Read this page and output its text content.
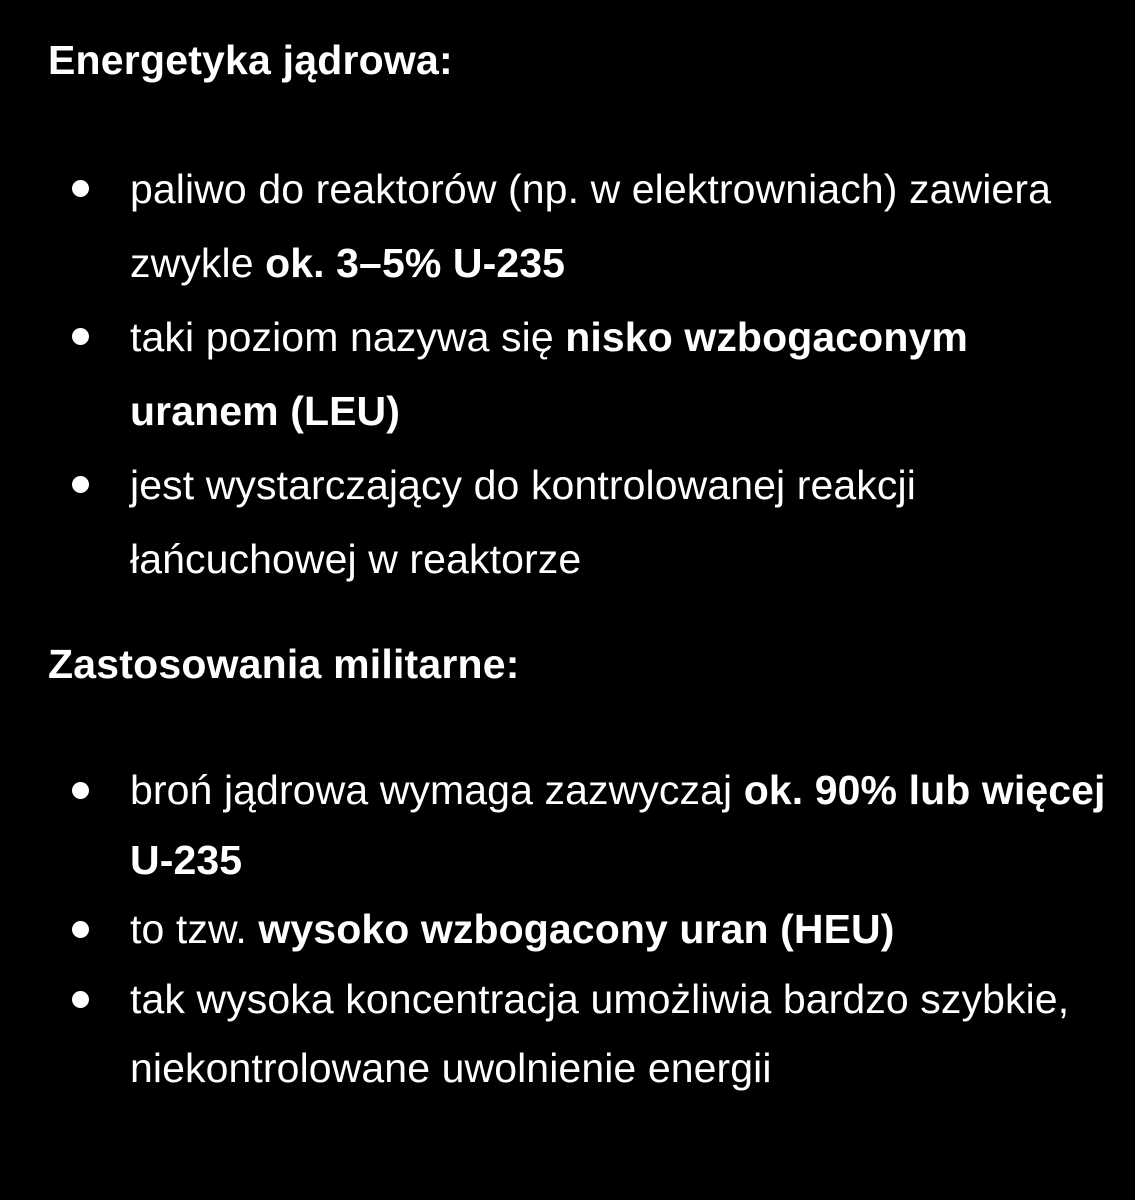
Energetyka jądrowa:
paliwo do reaktorów (np. w elektrowniach) zawiera zwykle ok. 3–5% U-235
taki poziom nazywa się nisko wzbogaconym uranem (LEU)
jest wystarczający do kontrolowanej reakcji łańcuchowej w reaktorze
Zastosowania militarne:
broń jądrowa wymaga zazwyczaj ok. 90% lub więcej U-235
to tzw. wysoko wzbogacony uran (HEU)
tak wysoka koncentracja umożliwia bardzo szybkie, niekontrolowane uwolnienie energii
